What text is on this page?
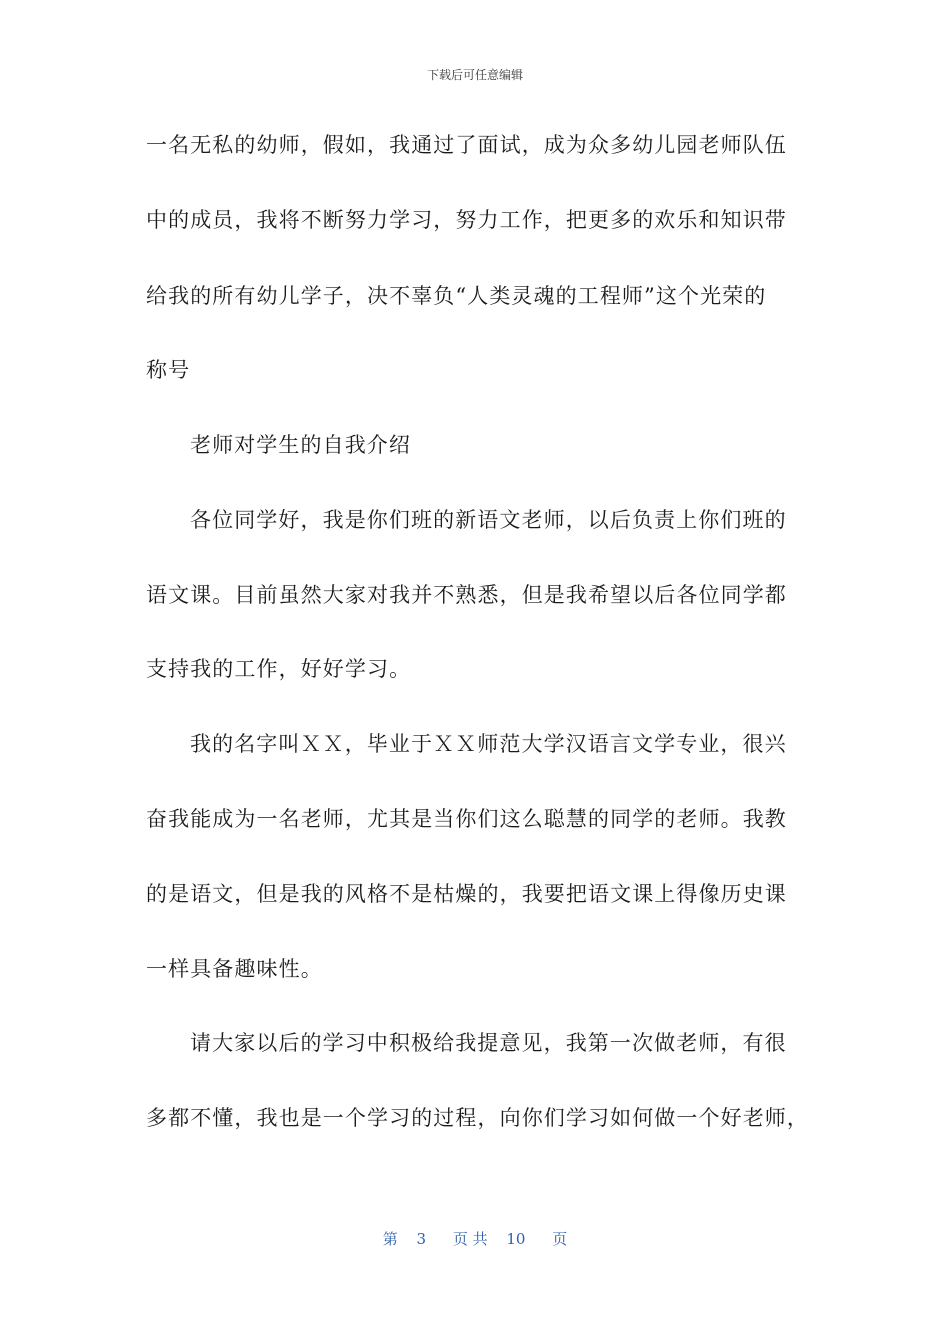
下载后可任意编辑
一名无私的幼师，假如，我通过了面试，成为众多幼儿园老师队伍
中的成员，我将不断努力学习，努力工作，把更多的欢乐和知识带
给我的所有幼儿学子，决不辜负“人类灵魂的工程师”这个光荣的
称号
老师对学生的自我介绍
各位同学好，我是你们班的新语文老师，以后负责上你们班的
语文课。目前虽然大家对我并不熟悉，但是我希望以后各位同学都
支持我的工作，好好学习。
我的名字叫ＸＸ，毕业于ＸＸ师范大学汉语言文学专业，很兴
奋我能成为一名老师，尤其是当你们这么聪慧的同学的老师。我教
的是语文，但是我的风格不是枯燥的，我要把语文课上得像历史课
一样具备趣味性。
请大家以后的学习中积极给我提意见，我第一次做老师，有很
多都不懂，我也是一个学习的过程，向你们学习如何做一个好老师，
第 3 页 共 10 页
